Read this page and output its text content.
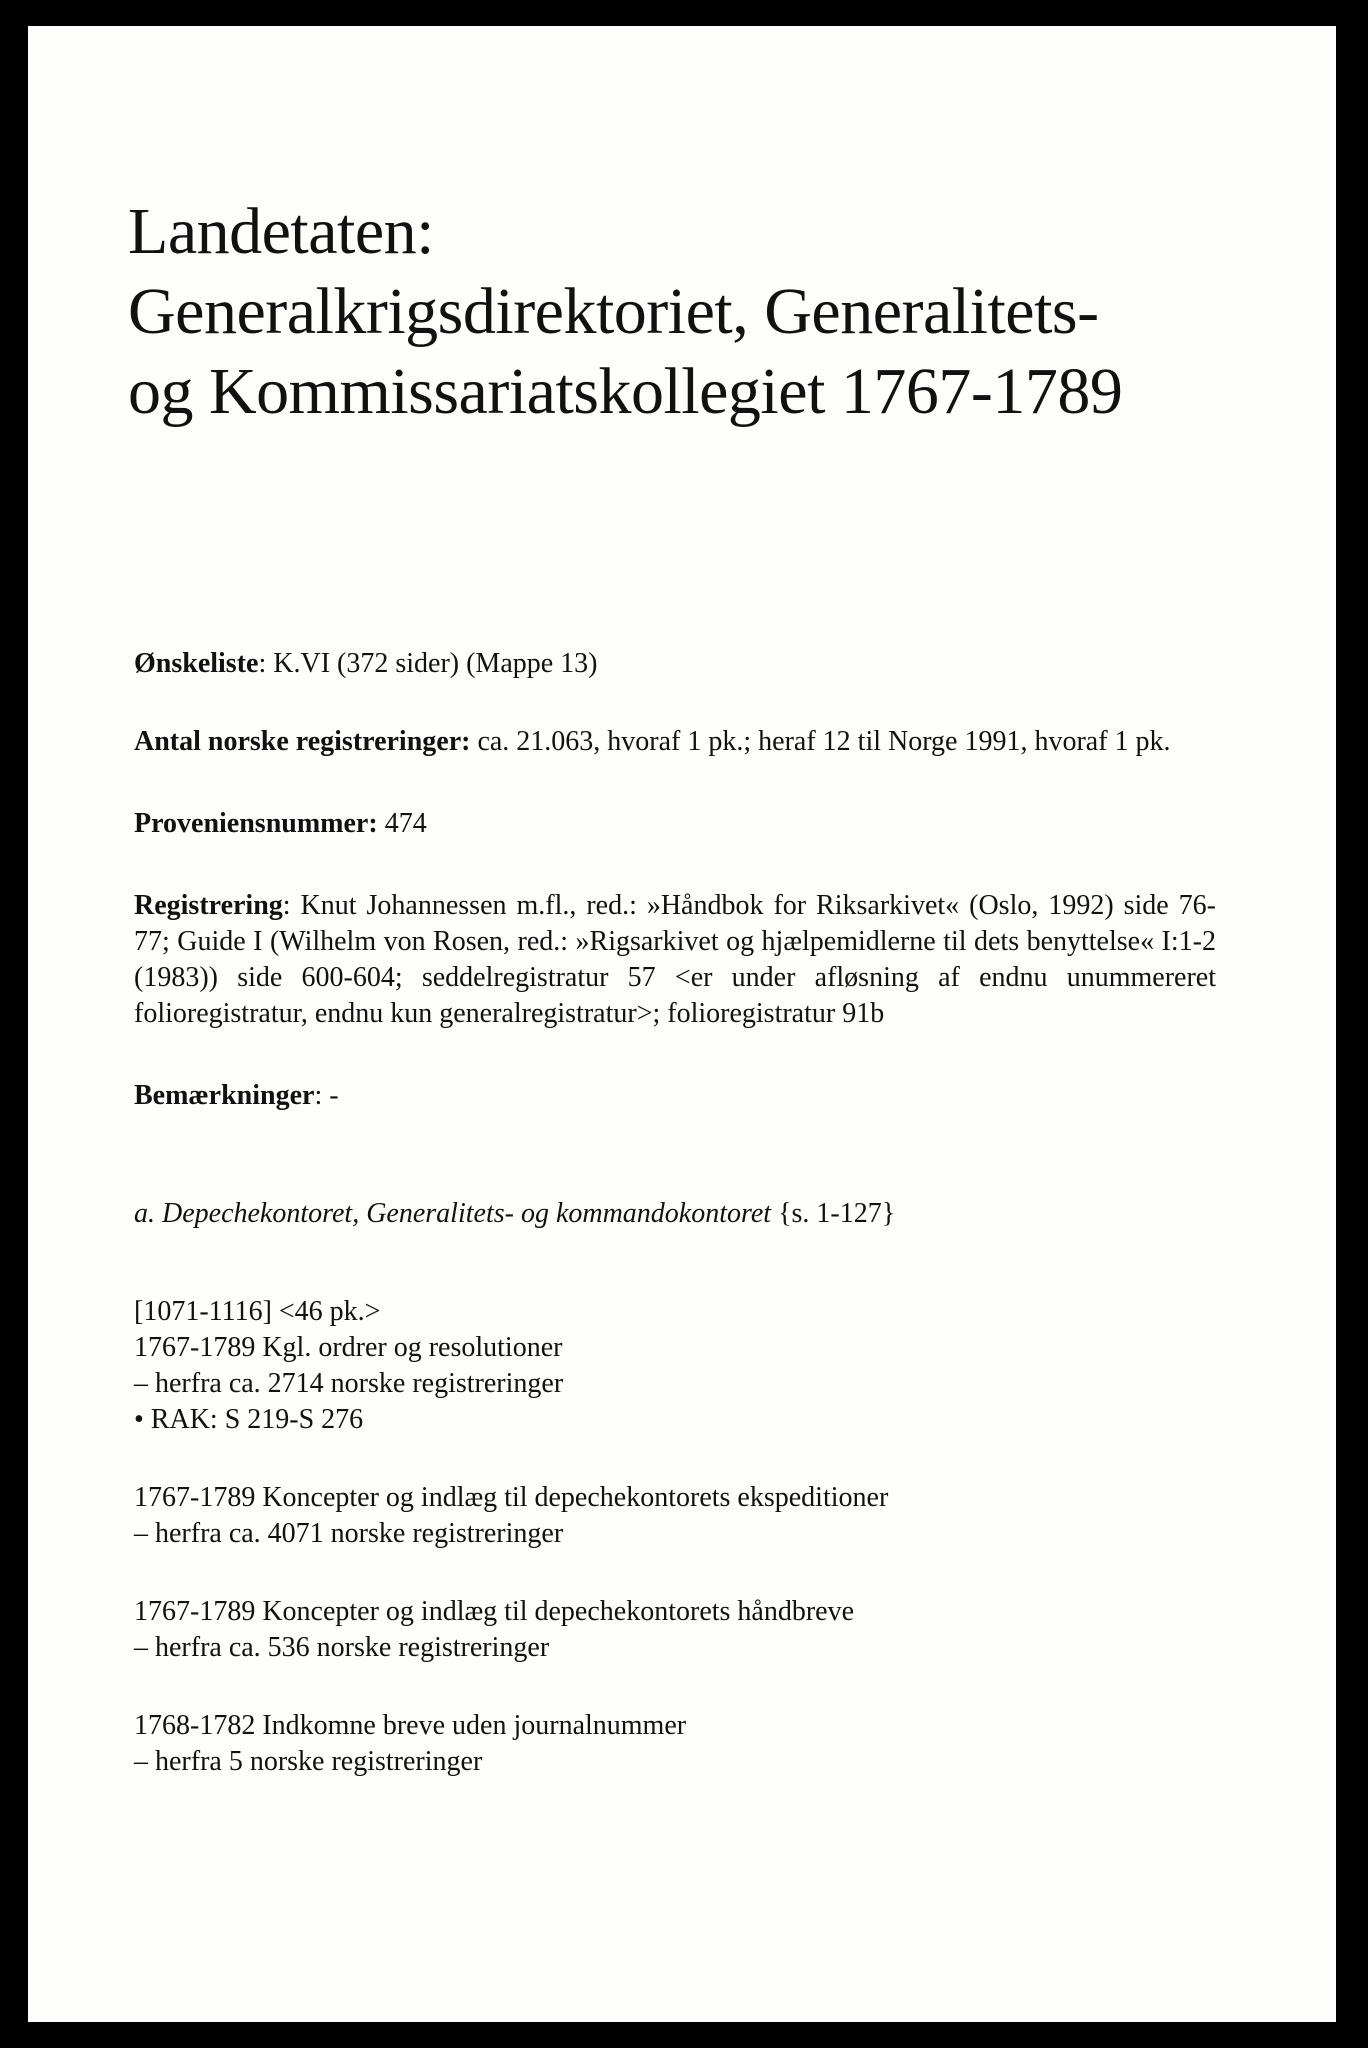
Landetaten:
Generalkrigsdirektoriet, Generalitets-
og Kommissariatskollegiet 1767-1789

Ønskeliste: K.VI (372 sider) (Mappe 13)

Antal norske registreringer: ca. 21.063, hvoraf 1 pk.; heraf 12 til Norge 1991, hvoraf 1 pk.

Proveniensnummer: 474

Registrering: Knut Johannessen m.fl., red.: »Håndbok for Riksarkivet« (Oslo, 1992) side 76-77; Guide I (Wilhelm von Rosen, red.: »Rigsarkivet og hjælpemidlerne til dets benyttelse« I:1-2 (1983)) side 600-604; seddelregistratur 57 <er under afløsning af endnu unummereret folioregistratur, endnu kun generalregistratur>; folioregistratur 91b

Bemærkninger: -

a. Depechekontoret, Generalitets- og kommandokontoret {s. 1-127}

[1071-1116] <46 pk.>
1767-1789 Kgl. ordrer og resolutioner
– herfra ca. 2714 norske registreringer
• RAK: S 219-S 276
1767-1789 Koncepter og indlæg til depechekontorets ekspeditioner
– herfra ca. 4071 norske registreringer
1767-1789 Koncepter og indlæg til depechekontorets håndbreve
– herfra ca. 536 norske registreringer
1768-1782 Indkomne breve uden journalnummer
– herfra 5 norske registreringer
